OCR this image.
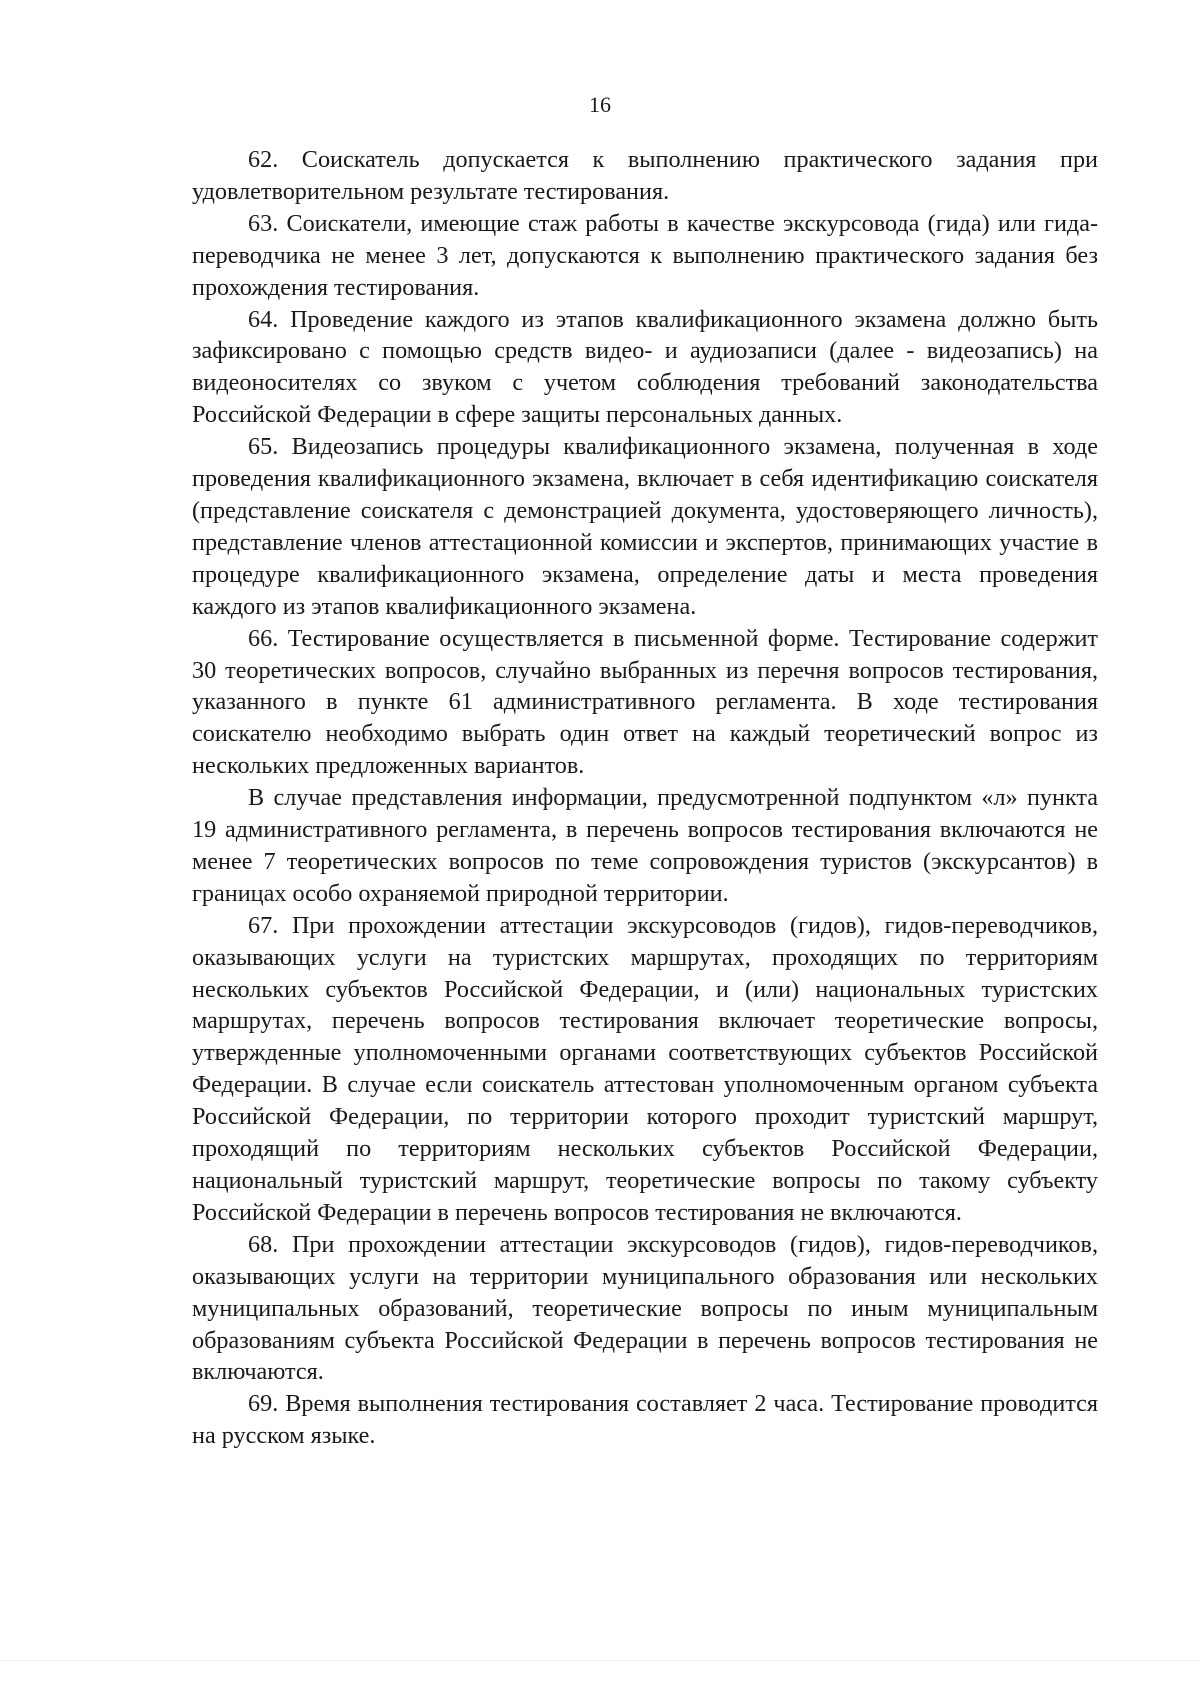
16

62. Соискатель допускается к выполнению практического задания при удовлетворительном результате тестирования.

63. Соискатели, имеющие стаж работы в качестве экскурсовода (гида) или гида-переводчика не менее 3 лет, допускаются к выполнению практического задания без прохождения тестирования.

64. Проведение каждого из этапов квалификационного экзамена должно быть зафиксировано с помощью средств видео- и аудиозаписи (далее - видеозапись) на видеоносителях со звуком с учетом соблюдения требований законодательства Российской Федерации в сфере защиты персональных данных.

65. Видеозапись процедуры квалификационного экзамена, полученная в ходе проведения квалификационного экзамена, включает в себя идентификацию соискателя (представление соискателя с демонстрацией документа, удостоверяющего личность), представление членов аттестационной комиссии и экспертов, принимающих участие в процедуре квалификационного экзамена, определение даты и места проведения каждого из этапов квалификационного экзамена.

66. Тестирование осуществляется в письменной форме. Тестирование содержит 30 теоретических вопросов, случайно выбранных из перечня вопросов тестирования, указанного в пункте 61 административного регламента. В ходе тестирования соискателю необходимо выбрать один ответ на каждый теоретический вопрос из нескольких предложенных вариантов.

В случае представления информации, предусмотренной подпунктом «л» пункта 19 административного регламента, в перечень вопросов тестирования включаются не менее 7 теоретических вопросов по теме сопровождения туристов (экскурсантов) в границах особо охраняемой природной территории.

67. При прохождении аттестации экскурсоводов (гидов), гидов-переводчиков, оказывающих услуги на туристских маршрутах, проходящих по территориям нескольких субъектов Российской Федерации, и (или) национальных туристских маршрутах, перечень вопросов тестирования включает теоретические вопросы, утвержденные уполномоченными органами соответствующих субъектов Российской Федерации. В случае если соискатель аттестован уполномоченным органом субъекта Российской Федерации, по территории которого проходит туристский маршрут, проходящий по территориям нескольких субъектов Российской Федерации, национальный туристский маршрут, теоретические вопросы по такому субъекту Российской Федерации в перечень вопросов тестирования не включаются.

68. При прохождении аттестации экскурсоводов (гидов), гидов-переводчиков, оказывающих услуги на территории муниципального образования или нескольких муниципальных образований, теоретические вопросы по иным муниципальным образованиям субъекта Российской Федерации в перечень вопросов тестирования не включаются.

69. Время выполнения тестирования составляет 2 часа. Тестирование проводится на русском языке.
